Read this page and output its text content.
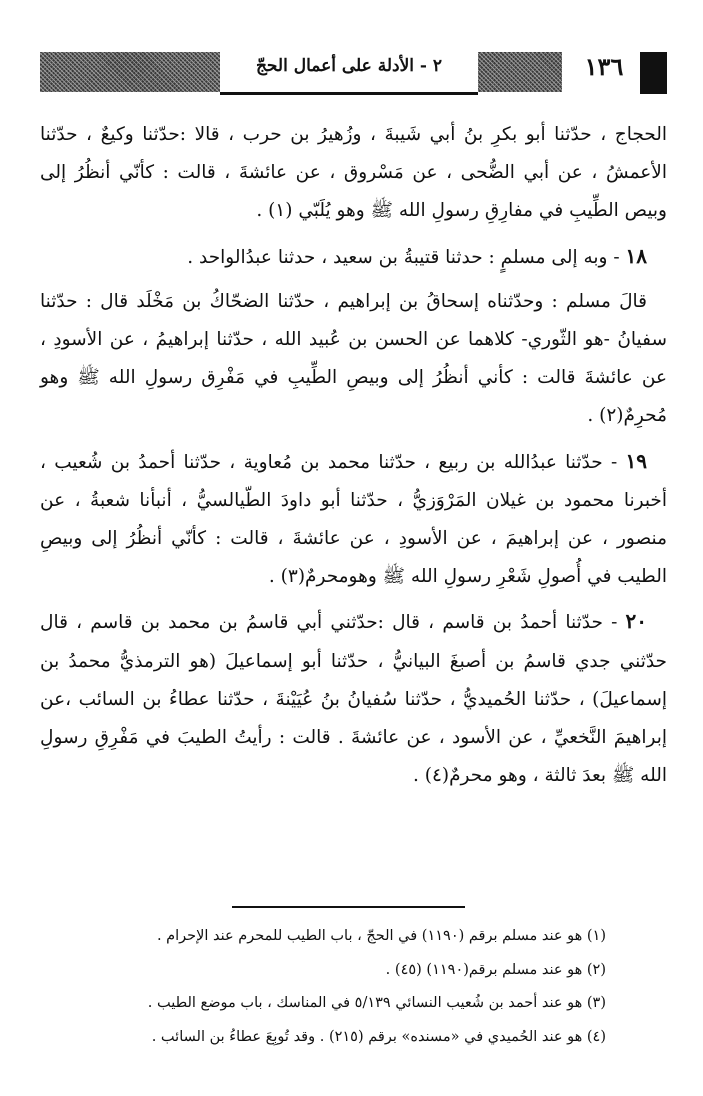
٢ - الأدلة على أعمال الحجّ	١٣٦

الحجاج ، حدّثنا أبو بكرِ بنُ أبي شَيبةَ ، وزُهيرُ بن حرب ، قالا :حدّثنا وكيعٌ ، حدّثنا الأعمشُ ، عن أبي الضُّحى ، عن مَسْروق ، عن عائشةَ ، قالت : كأنّي أنظُرُ إلى وبيص الطِّيبِ في مفارِقِ رسولِ الله ﷺ وهو يُلَبّي (١) .

١٨ - وبه إلى مسلمٍ : حدثنا قتيبةُ بن سعيد ، حدثنا عبدُالواحد .

قالَ مسلم : وحدّثناه إسحاقُ بن إبراهيم ، حدّثنا الضحّاكُ بن مَخْلَد قال : حدّثنا سفيانُ -هو الثّوري- كلاهما عن الحسن بن عُبيد الله ، حدّثنا إبراهيمُ ، عن الأسودِ ، عن عائشةَ قالت : كأني أنظُرُ إلى وبيصِ الطِّيبِ في مَفْرِق رسولِ الله ﷺ وهو مُحرِمٌ(٢) .

١٩ - حدّثنا عبدُالله بن ربيع ، حدّثنا محمد بن مُعاوية ، حدّثنا أحمدُ بن شُعيب ، أخبرنا محمود بن غيلان المَرْوَزيُّ ، حدّثنا أبو داودَ الطّيالسيُّ ، أنبأنا شعبةُ ، عن منصور ، عن إبراهيمَ ، عن الأسودِ ، عن عائشةَ ، قالت : كأنّي أنظُرُ إلى وبيصِ الطيب في أُصولِ شَعْرِ رسولِ الله ﷺ وهومحرمٌ(٣) .

٢٠ - حدّثنا أحمدُ بن قاسم ، قال :حدّثني أبي قاسمُ بن محمد بن قاسم ، قال حدّثني جدي قاسمُ بن أصبغَ البيانيُّ ، حدّثنا أبو إسماعيلَ (هو الترمذيُّ محمدُ بن إسماعيلَ) ، حدّثنا الحُميديُّ ، حدّثنا سُفيانُ بنُ عُيَيْنةَ ، حدّثنا عطاءُ بن السائب ،عن إبراهيمَ النَّخعيِّ ، عن الأسود ، عن عائشةَ . قالت : رأيتُ الطيبَ في مَفْرِقِ رسولِ الله ﷺ بعدَ ثالثة ، وهو محرمٌ(٤) .

(١) هو عند مسلم برقم (١١٩٠) في الحجّ ، باب الطيب للمحرم عند الإحرام .
(٢) هو عند مسلم برقم(١١٩٠) (٤٥) .
(٣) هو عند أحمد بن شُعيب النسائي ٥/١٣٩ في المناسك ، باب موضع الطيب .
(٤) هو عند الحُميدي في «مسنده» برقم (٢١٥) . وقد تُوبِعَ عطاءُ بن السائب .
